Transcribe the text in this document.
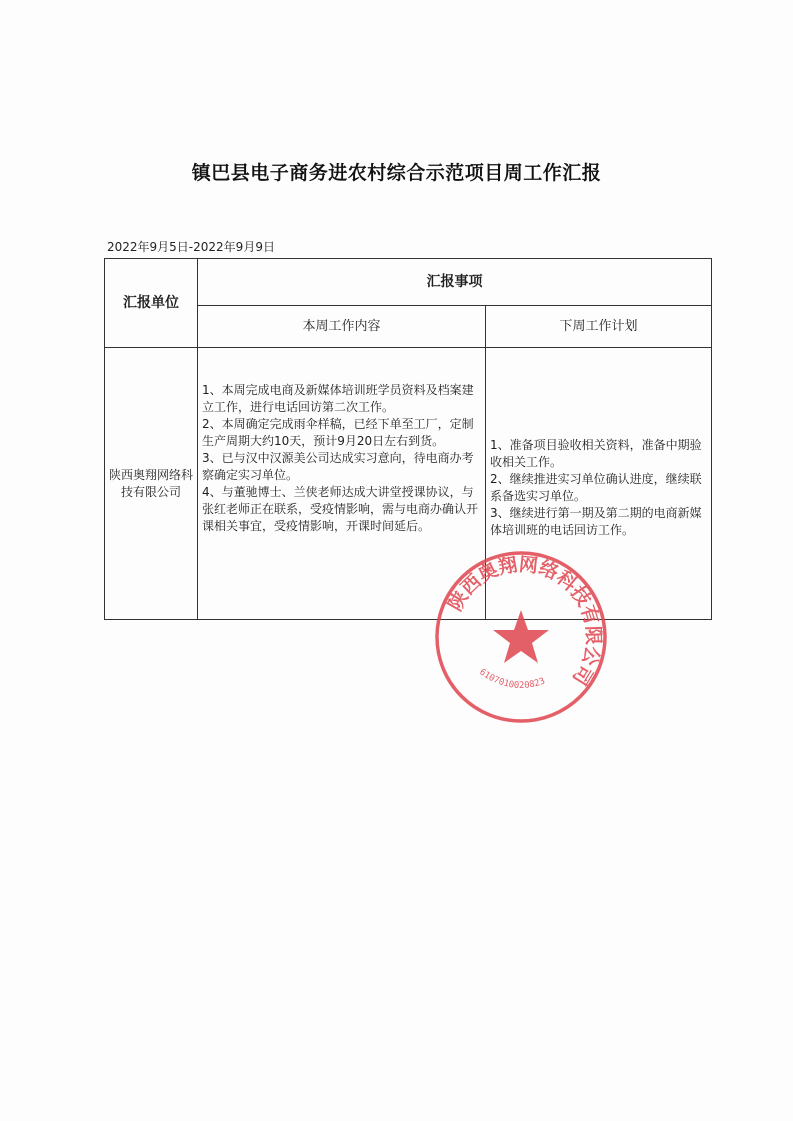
镇巴县电子商务进农村综合示范项目周工作汇报
2022年9月5日-2022年9月9日
汇报单位
汇报事项
本周工作内容	下周工作计划
陕西奥翔网络科技有限公司

1、本周完成电商及新媒体培训班学员资料及档案建立工作，进行电话回访第二次工作。

2、本周确定完成雨伞样稿，已经下单至工厂，定制生产周期大约10天，预计9月20日左右到货。

3、已与汉中汉源美公司达成实习意向，待电商办考察确定实习单位。

4、与董驰博士、兰侠老师达成大讲堂授课协议，与张红老师正在联系，受疫情影响，需与电商办确认开课相关事宜，受疫情影响，开课时间延后。

1、准备项目验收相关资料，准备中期验收相关工作。

2、继续推进实习单位确认进度，继续联系备选实习单位。

3、继续进行第一期及第二期的电商新媒体培训班的电话回访工作。

陕西奥翔网络科技有限公司
6107010020823
